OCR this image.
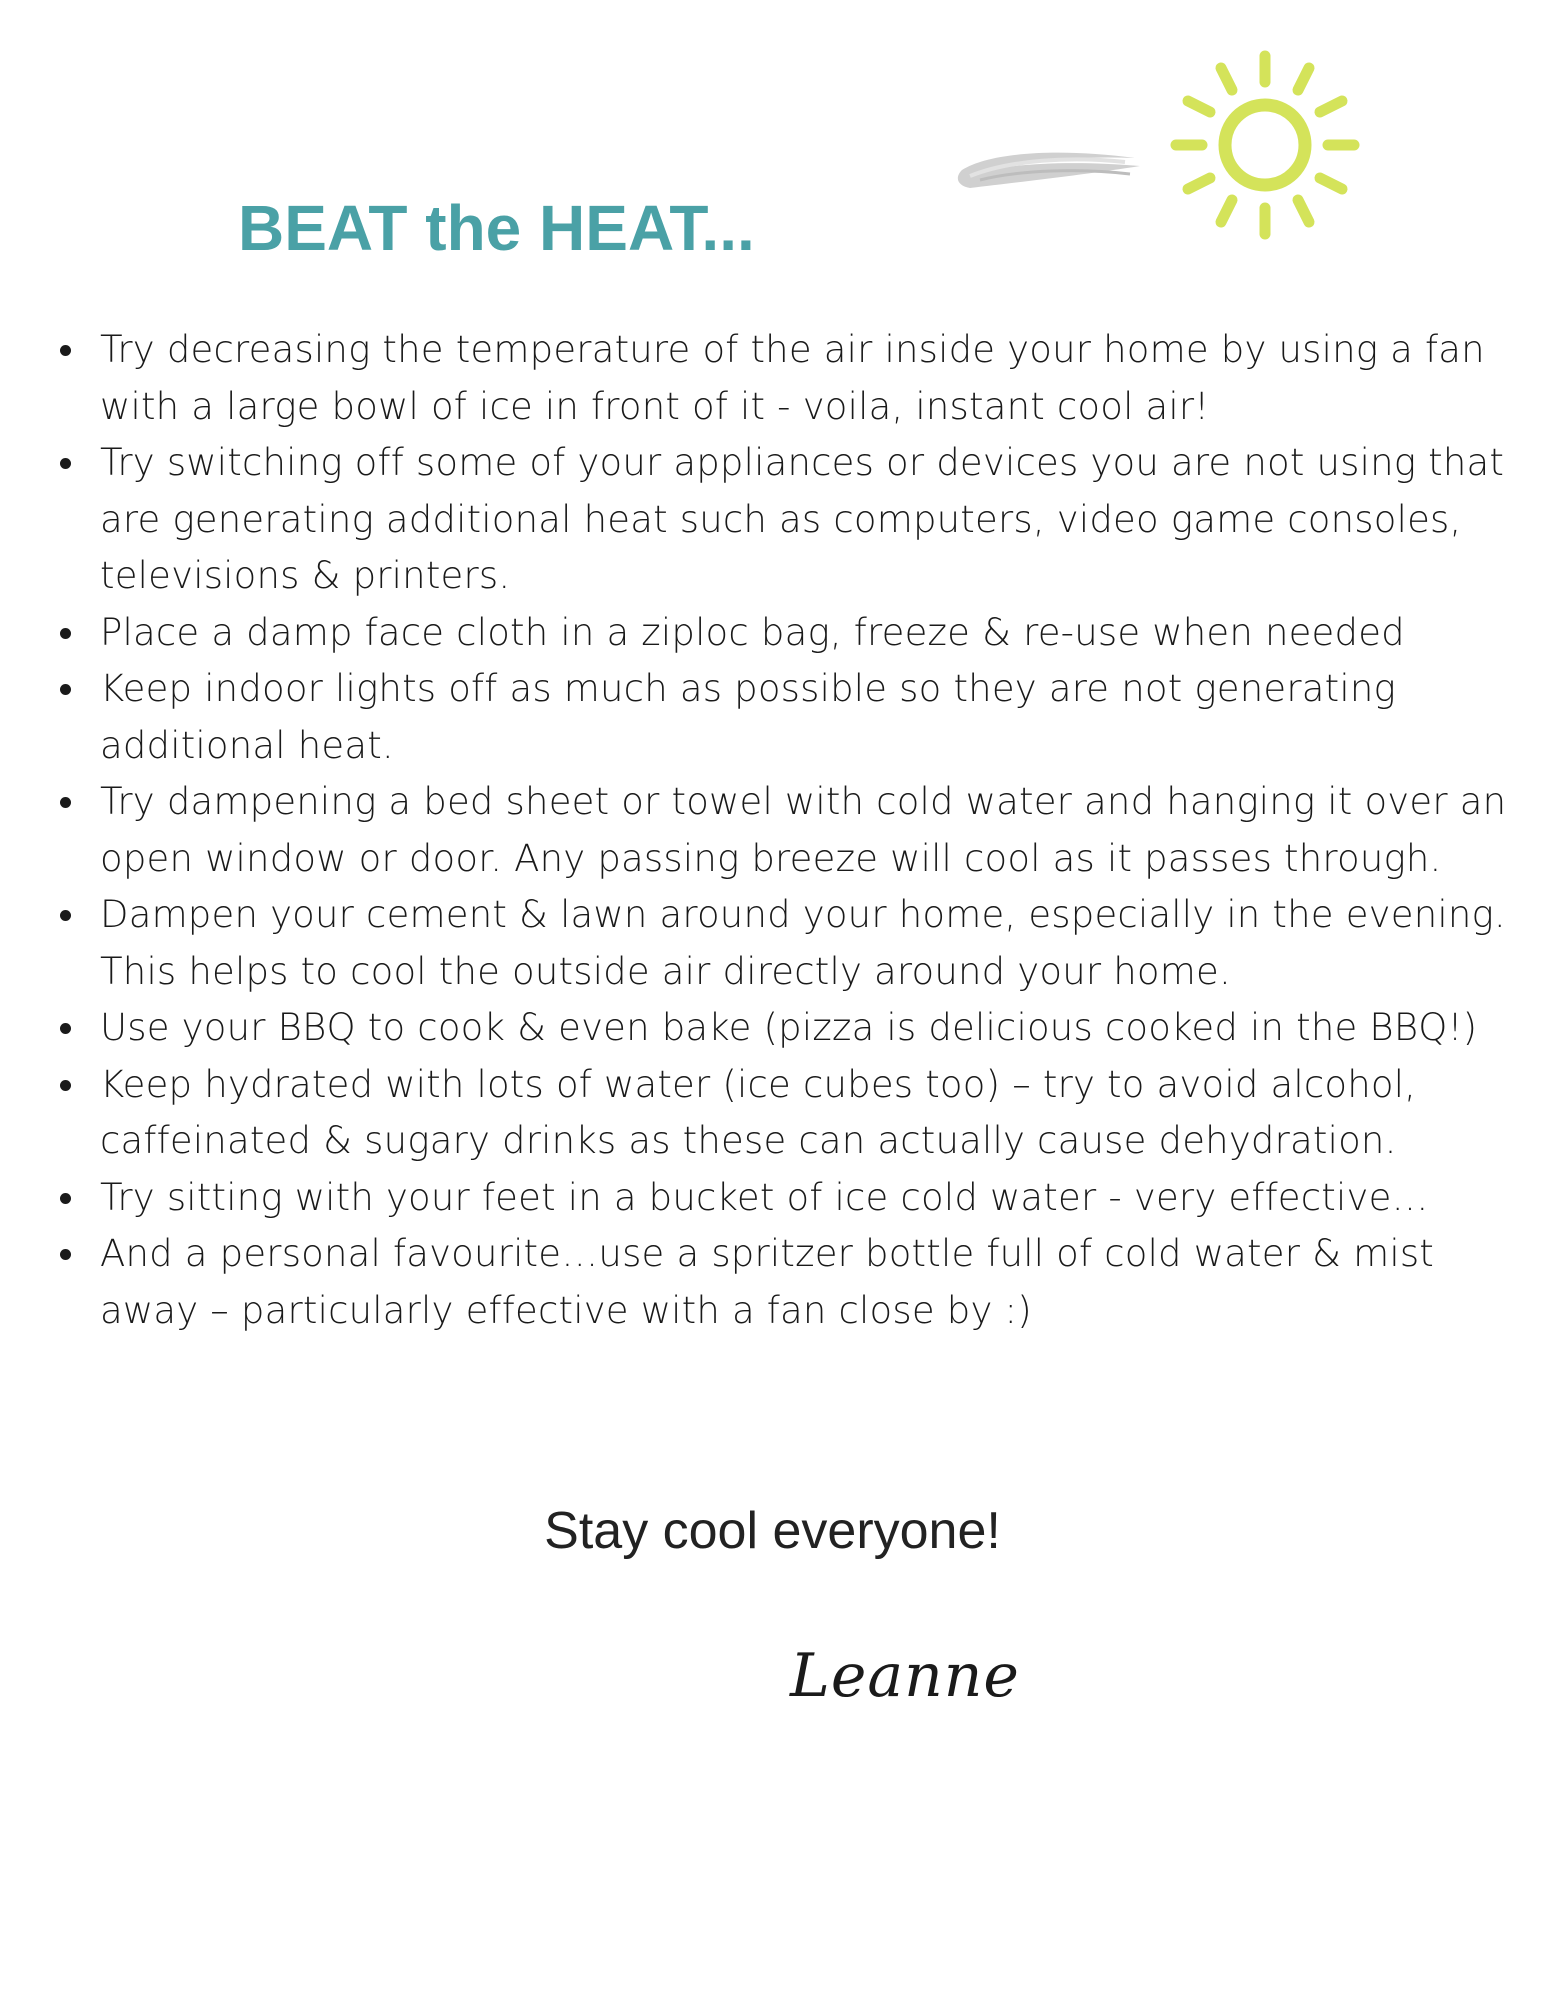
BEAT the HEAT...
Try decreasing the temperature of the air inside your home by using a fan with a large bowl of ice in front of it - voila, instant cool air!
Try switching off some of your appliances or devices you are not using that are generating additional heat such as computers, video game consoles, televisions & printers.
Place a damp face cloth in a ziploc bag, freeze & re-use when needed
Keep indoor lights off as much as possible so they are not generating additional heat.
Try dampening a bed sheet or towel with cold water and hanging it over an open window or door. Any passing breeze will cool as it passes through.
Dampen your cement & lawn around your home, especially in the evening. This helps to cool the outside air directly around your home.
Use your BBQ to cook & even bake (pizza is delicious cooked in the BBQ!)
Keep hydrated with lots of water (ice cubes too) – try to avoid alcohol, caffeinated & sugary drinks as these can actually cause dehydration.
Try sitting with your feet in a bucket of ice cold water - very effective…
And a personal favourite…use a spritzer bottle full of cold water & mist away – particularly effective with a fan close by :)

Stay cool everyone!

Leanne
